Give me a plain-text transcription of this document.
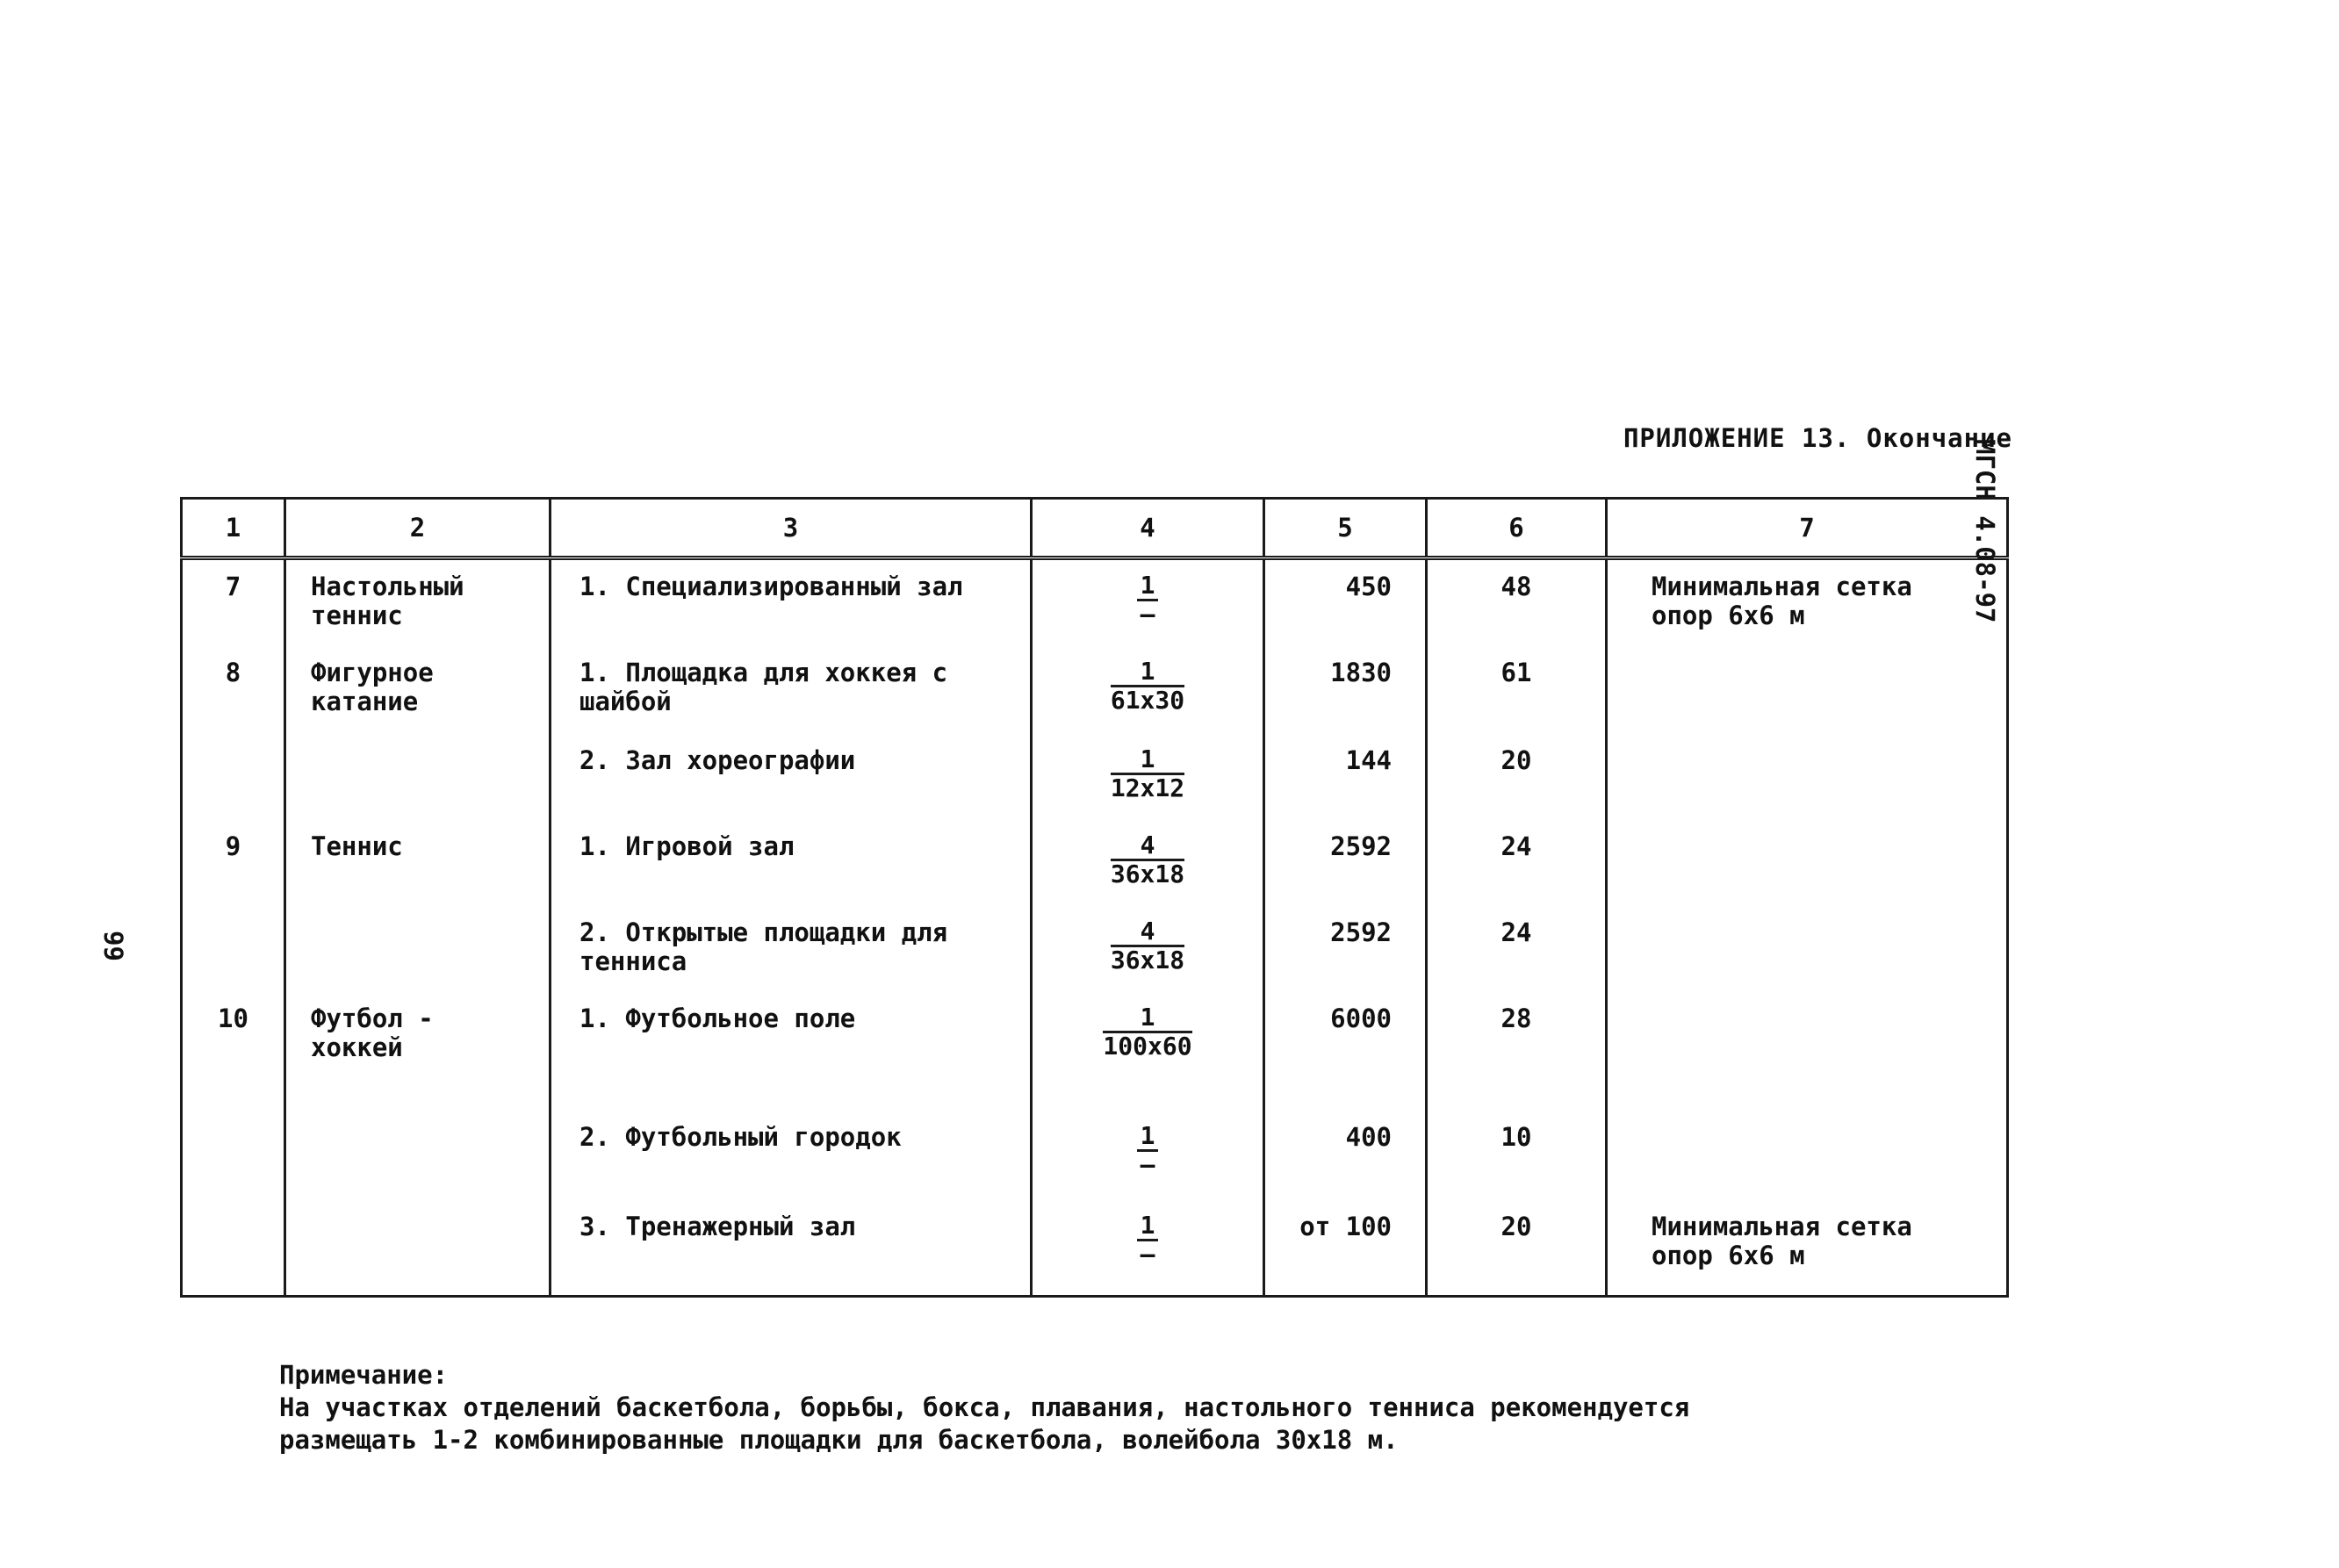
ПРИЛОЖЕНИЕ 13. Окончание
МГСН 4.08-97
99
1	2	3	4	5	6	7
7	Настольный теннис	1. Специализированный зал	$\frac{1}{-}$	450	48	Минимальная сетка опор 6х6 м
8	Фигурное катание	1. Площадка для хоккея с шайбой	$\frac{1}{61х30}$	1830	61	
		2. Зал хореографии	$\frac{1}{12х12}$	144	20	
9	Теннис	1. Игровой зал	$\frac{4}{36х18}$	2592	24	
		2. Открытые площадки для тенниса	$\frac{4}{36х18}$	2592	24	
10	Футбол - хоккей	1. Футбольное поле	$\frac{1}{100х60}$	6000	28	
		2. Футбольный городок	$\frac{1}{-}$	400	10	
		3. Тренажерный зал	$\frac{1}{-}$	от 100	20	Минимальная сетка опор 6х6 м
Примечание:
На участках отделений баскетбола, борьбы, бокса, плавания, настольного тенниса рекомендуется
размещать 1-2 комбинированные площадки для баскетбола, волейбола 30х18 м.
